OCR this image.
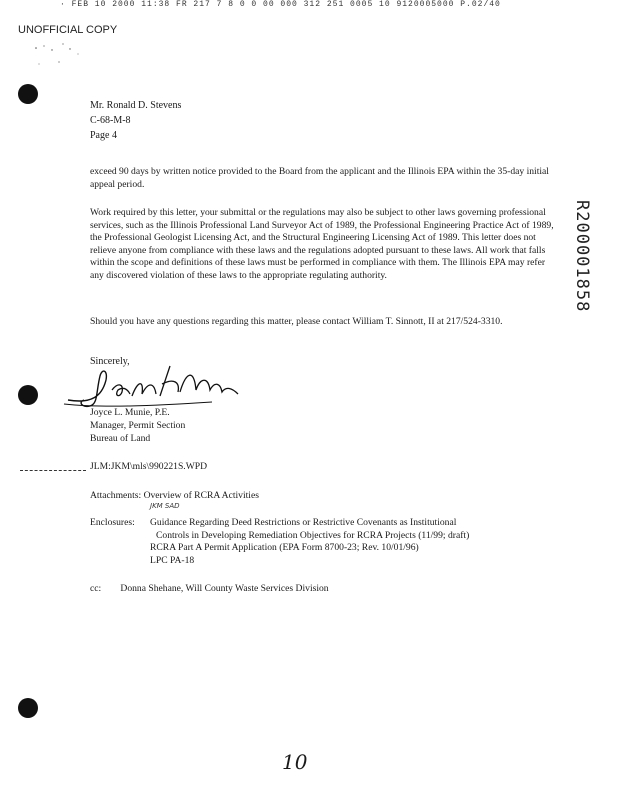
· FEB 10 2000 11:38 FR 217 7 8 0 0 00 000 312 251 0005 10 9120005000 P.02/40
UNOFFICIAL COPY
Mr. Ronald D. Stevens
C-68-M-8
Page 4

exceed 90 days by written notice provided to the Board from the applicant and the Illinois EPA within the 35-day initial appeal period.

Work required by this letter, your submittal or the regulations may also be subject to other laws governing professional services, such as the Illinois Professional Land Surveyor Act of 1989, the Professional Engineering Practice Act of 1989, the Professional Geologist Licensing Act, and the Structural Engineering Licensing Act of 1989. This letter does not relieve anyone from compliance with these laws and the regulations adopted pursuant to these laws. All work that falls within the scope and definitions of these laws must be performed in compliance with them. The Illinois EPA may refer any discovered violation of these laws to the appropriate regulating authority.

Should you have any questions regarding this matter, please contact William T. Sinnott, II at 217/524-3310.

Sincerely,
Joyce L. Munie, P.E.
Manager, Permit Section
Bureau of Land
JLM:JKM\mls\990221S.WPD
Attachments: Overview of RCRA Activities
JKM SAD
Enclosures:	Guidance Regarding Deed Restrictions or Restrictive Covenants as Institutional
Controls in Developing Remediation Objectives for RCRA Projects (11/99; draft)
RCRA Part A Permit Application (EPA Form 8700-23; Rev. 10/01/96)
LPC PA-18
cc: Donna Shehane, Will County Waste Services Division
R200001858
10
